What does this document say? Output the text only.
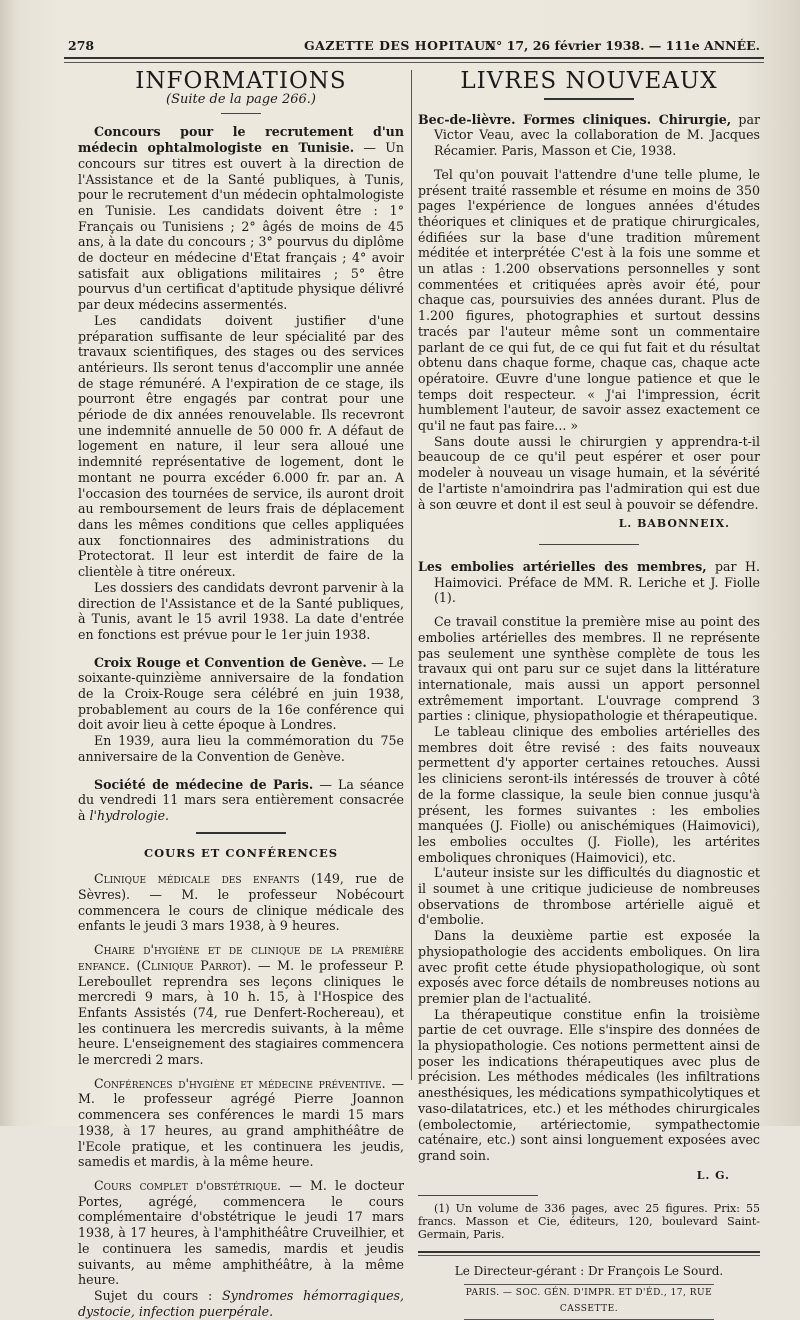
278	GAZETTE DES HOPITAUX
N° 17, 26 février 1938. — 111e ANNÉE.
INFORMATIONS
(Suite de la page 266.)

Concours pour le recrutement d'un médecin ophtalmologiste en Tunisie. — Un concours sur titres est ouvert à la direction de l'Assistance et de la Santé publiques, à Tunis, pour le recrutement d'un médecin ophtalmologiste en Tunisie. Les candidats doivent être : 1° Français ou Tunisiens ; 2° âgés de moins de 45 ans, à la date du concours ; 3° pourvus du diplôme de docteur en médecine d'Etat français ; 4° avoir satisfait aux obligations militaires ; 5° être pourvus d'un certificat d'aptitude physique délivré par deux médecins assermentés.

Les candidats doivent justifier d'une préparation suffisante de leur spécialité par des travaux scientifiques, des stages ou des services antérieurs. Ils seront tenus d'accomplir une année de stage rémunéré. A l'expiration de ce stage, ils pourront être engagés par contrat pour une période de dix années renouvelable. Ils recevront une indemnité annuelle de 50 000 fr. A défaut de logement en nature, il leur sera alloué une indemnité représentative de logement, dont le montant ne pourra excéder 6.000 fr. par an. A l'occasion des tournées de service, ils auront droit au remboursement de leurs frais de déplacement dans les mêmes conditions que celles appliquées aux fonctionnaires des administrations du Protectorat. Il leur est interdit de faire de la clientèle à titre onéreux.

Les dossiers des candidats devront parvenir à la direction de l'Assistance et de la Santé publiques, à Tunis, avant le 15 avril 1938. La date d'entrée en fonctions est prévue pour le 1er juin 1938.

Croix Rouge et Convention de Genève. — Le soixante-quinzième anniversaire de la fondation de la Croix-Rouge sera célébré en juin 1938, probablement au cours de la 16e conférence qui doit avoir lieu à cette époque à Londres.

En 1939, aura lieu la commémoration du 75e anniversaire de la Convention de Genève.

Société de médecine de Paris. — La séance du vendredi 11 mars sera entièrement consacrée à l'hydrologie.

COURS ET CONFÉRENCES

Clinique médicale des enfants (149, rue de Sèvres). — M. le professeur Nobécourt commencera le cours de clinique médicale des enfants le jeudi 3 mars 1938, à 9 heures.

Chaire d'hygiène et de clinique de la première enfance. (Clinique Parrot). — M. le professeur P. Lereboullet reprendra ses leçons cliniques le mercredi 9 mars, à 10 h. 15, à l'Hospice des Enfants Assistés (74, rue Denfert-Rochereau), et les continuera les mercredis suivants, à la même heure. L'enseignement des stagiaires commencera le mercredi 2 mars.

Conférences d'hygiène et médecine préventive. — M. le professeur agrégé Pierre Joannon commencera ses conférences le mardi 15 mars 1938, à 17 heures, au grand amphithéâtre de l'Ecole pratique, et les continuera les jeudis, samedis et mardis, à la même heure.

Cours complet d'obstétrique. — M. le docteur Portes, agrégé, commencera le cours complémentaire d'obstétrique le jeudi 17 mars 1938, à 17 heures, à l'amphithéâtre Cruveilhier, et le continuera les samedis, mardis et jeudis suivants, au même amphithéâtre, à la même heure.

Sujet du cours : Syndromes hémorragiques, dystocie, infection puerpérale.

LIVRES NOUVEAUX

Bec-de-lièvre. Formes cliniques. Chirurgie, par Victor Veau, avec la collaboration de M. Jacques Récamier. Paris, Masson et Cie, 1938.

Tel qu'on pouvait l'attendre d'une telle plume, le présent traité rassemble et résume en moins de 350 pages l'expérience de longues années d'études théoriques et cliniques et de pratique chirurgicales, édifiées sur la base d'une tradition mûrement méditée et interprétée C'est à la fois une somme et un atlas : 1.200 observations personnelles y sont commentées et critiquées après avoir été, pour chaque cas, poursuivies des années durant. Plus de 1.200 figures, photographies et surtout dessins tracés par l'auteur même sont un commentaire parlant de ce qui fut, de ce qui fut fait et du résultat obtenu dans chaque forme, chaque cas, chaque acte opératoire. Œuvre d'une longue patience et que le temps doit respecteur. « J'ai l'impression, écrit humblement l'auteur, de savoir assez exactement ce qu'il ne faut pas faire... »

Sans doute aussi le chirurgien y apprendra-t-il beaucoup de ce qu'il peut espérer et oser pour modeler à nouveau un visage humain, et la sévérité de l'artiste n'amoindrira pas l'admiration qui est due à son œuvre et dont il est seul à pouvoir se défendre.

L. BABONNEIX.

Les embolies artérielles des membres, par H. Haimovici. Préface de MM. R. Leriche et J. Fiolle (1).

Ce travail constitue la première mise au point des embolies artérielles des membres. Il ne représente pas seulement une synthèse complète de tous les travaux qui ont paru sur ce sujet dans la littérature internationale, mais aussi un apport personnel extrêmement important. L'ouvrage comprend 3 parties : clinique, physiopathologie et thérapeutique.

Le tableau clinique des embolies artérielles des membres doit être revisé : des faits nouveaux permettent d'y apporter certaines retouches. Aussi les cliniciens seront-ils intéressés de trouver à côté de la forme classique, la seule bien connue jusqu'à présent, les formes suivantes : les embolies manquées (J. Fiolle) ou anischémiques (Haimovici), les embolies occultes (J. Fiolle), les artérites emboliques chroniques (Haimovici), etc.

L'auteur insiste sur les difficultés du diagnostic et il soumet à une critique judicieuse de nombreuses observations de thrombose artérielle aiguë et d'embolie.

Dans la deuxième partie est exposée la physiopathologie des accidents emboliques. On lira avec profit cette étude physiopathologique, où sont exposés avec force détails de nombreuses notions au premier plan de l'actualité.

La thérapeutique constitue enfin la troisième partie de cet ouvrage. Elle s'inspire des données de la physiopathologie. Ces notions permettent ainsi de poser les indications thérapeutiques avec plus de précision. Les méthodes médicales (les infiltrations anesthésiques, les médications sympathicolytiques et vaso-dilatatrices, etc.) et les méthodes chirurgicales (embolectomie, artériectomie, sympathectomie caténaire, etc.) sont ainsi longuement exposées avec grand soin.

L. G.

(1) Un volume de 336 pages, avec 25 figures. Prix: 55 francs. Masson et Cie, éditeurs, 120, boulevard Saint-Germain, Paris.

Le Directeur-gérant : Dr François Le Sourd.
PARIS. — SOC. GÉN. D'IMPR. ET D'ÉD., 17, RUE CASSETTE.
